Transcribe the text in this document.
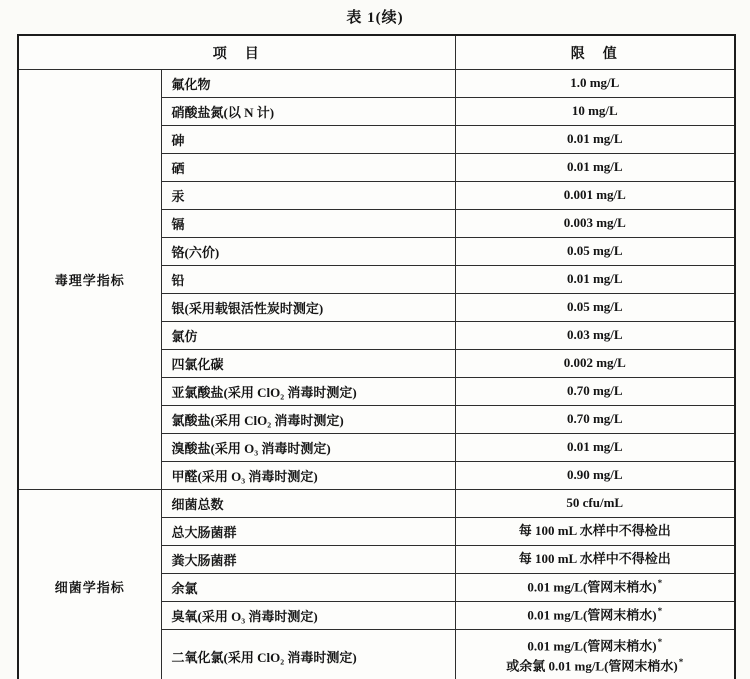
表 1(续)
项　目		限　值
毒理学指标	氟化物	1.0 mg/L

	硝酸盐氮(以 N 计)	10 mg/L

	砷	0.01 mg/L

	硒	0.01 mg/L

	汞	0.001 mg/L

	镉	0.003 mg/L

	铬(六价)	0.05 mg/L

	铅	0.01 mg/L

	银(采用载银活性炭时测定)	0.05 mg/L

	氯仿	0.03 mg/L

	四氯化碳	0.002 mg/L

	亚氯酸盐(采用 ClO₂ 消毒时测定)	0.70 mg/L

	氯酸盐(采用 ClO₂ 消毒时测定)	0.70 mg/L

	溴酸盐(采用 O₃ 消毒时测定)	0.01 mg/L

	甲醛(采用 O₃ 消毒时测定)	0.90 mg/L

细菌学指标	细菌总数	50 cfu/mL

	总大肠菌群	每 100 mL 水样中不得检出

	粪大肠菌群	每 100 mL 水样中不得检出

	余氯	0.01 mg/L(管网末梢水)*

	臭氧(采用 O₃ 消毒时测定)	0.01 mg/L(管网末梢水)*

	二氧化氯(采用 ClO₂ 消毒时测定)	0.01 mg/L(管网末梢水)*
或余氯 0.01 mg/L(管网末梢水)*
